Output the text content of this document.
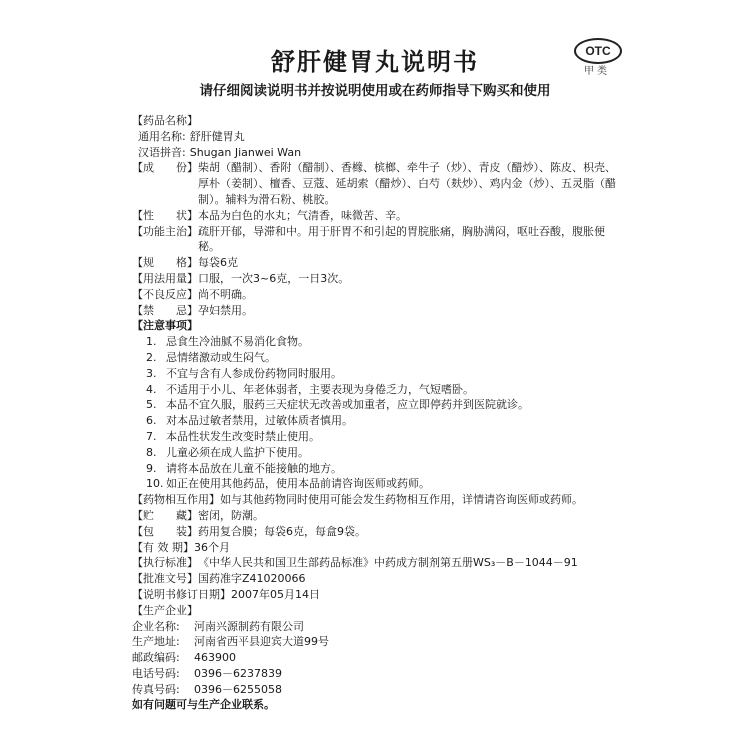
OTC
甲类
舒肝健胃丸说明书
请仔细阅读说明书并按说明使用或在药师指导下购买和使用
【药品名称】
通用名称: 舒肝健胃丸
汉语拼音: Shugan Jianwei Wan
【成　　份】 柴胡（醋制）、香附（醋制）、香橼、槟榔、牵牛子（炒）、青皮（醋炒）、陈皮、枳壳、厚朴（姜制）、檀香、豆蔻、延胡索（醋炒）、白芍（麸炒）、鸡内金（炒）、五灵脂（醋制）。辅料为滑石粉、桃胶。
【性　　状】 本品为白色的水丸；气清香，味微苦、辛。
【功能主治】 疏肝开郁，导滞和中。用于肝胃不和引起的胃脘胀痛，胸胁满闷，呕吐吞酸，腹胀便秘。
【规　　格】 每袋6克
【用法用量】 口服，一次3~6克，一日3次。
【不良反应】 尚不明确。
【禁　　忌】 孕妇禁用。
【注意事项】
1. 忌食生冷油腻不易消化食物。
2. 忌情绪激动或生闷气。
3. 不宜与含有人参成份药物同时服用。
4. 不适用于小儿、年老体弱者，主要表现为身倦乏力，气短嗜卧。
5. 本品不宜久服，服药三天症状无改善或加重者，应立即停药并到医院就诊。
6. 对本品过敏者禁用，过敏体质者慎用。
7. 本品性状发生改变时禁止使用。
8. 儿童必须在成人监护下使用。
9. 请将本品放在儿童不能接触的地方。
10. 如正在使用其他药品，使用本品前请咨询医师或药师。
【药物相互作用】 如与其他药物同时使用可能会发生药物相互作用，详情请咨询医师或药师。
【贮　　藏】 密闭，防潮。
【包　　装】 药用复合膜；每袋6克，每盒9袋。
【有 效 期】 36个月
【执行标准】 《中华人民共和国卫生部药品标准》中药成方制剂第五册WS₃－B－1044－91
【批准文号】 国药准字Z41020066
【说明书修订日期】 2007年05月14日
【生产企业】
企业名称:	河南兴源制药有限公司
生产地址:	河南省西平县迎宾大道99号
邮政编码:	463900
电话号码:	0396－6237839
传真号码:	0396－6255058
如有问题可与生产企业联系。
